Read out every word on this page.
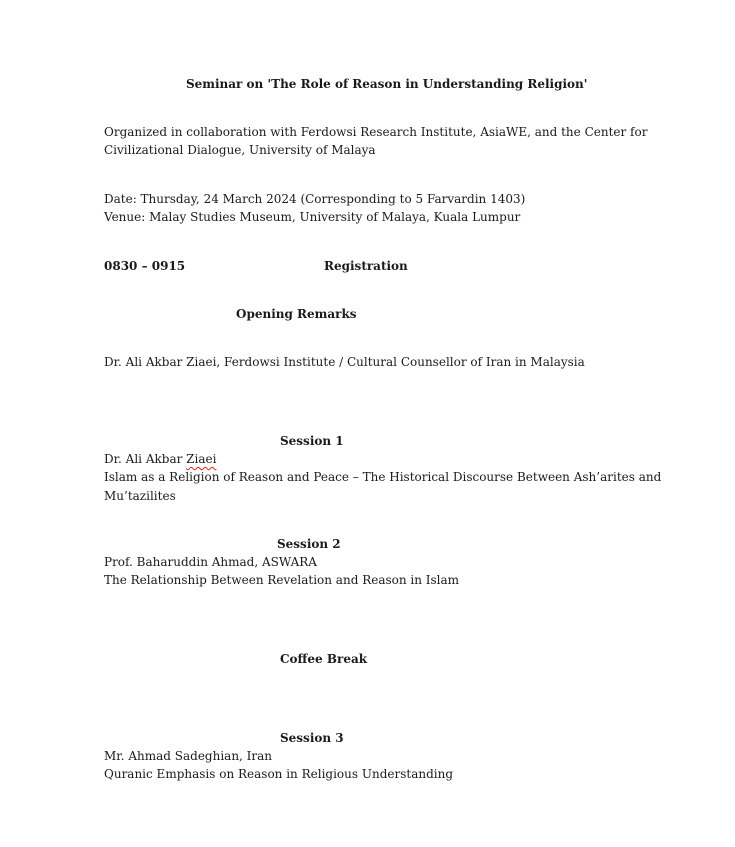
Seminar on 'The Role of Reason in Understanding Religion'
Organized in collaboration with Ferdowsi Research Institute, AsiaWE, and the Center for
Civilizational Dialogue, University of Malaya
Date: Thursday, 24 March 2024 (Corresponding to 5 Farvardin 1403)
Venue: Malay Studies Museum, University of Malaya, Kuala Lumpur
0830 – 0915	Registration
Opening Remarks
Dr. Ali Akbar Ziaei, Ferdowsi Institute / Cultural Counsellor of Iran in Malaysia
Session 1
Dr. Ali Akbar Ziaei
Islam as a Religion of Reason and Peace – The Historical Discourse Between Ash’arites and
Mu’tazilites
Session 2
Prof. Baharuddin Ahmad, ASWARA
The Relationship Between Revelation and Reason in Islam
Coffee Break
Session 3
Mr. Ahmad Sadeghian, Iran
Quranic Emphasis on Reason in Religious Understanding
